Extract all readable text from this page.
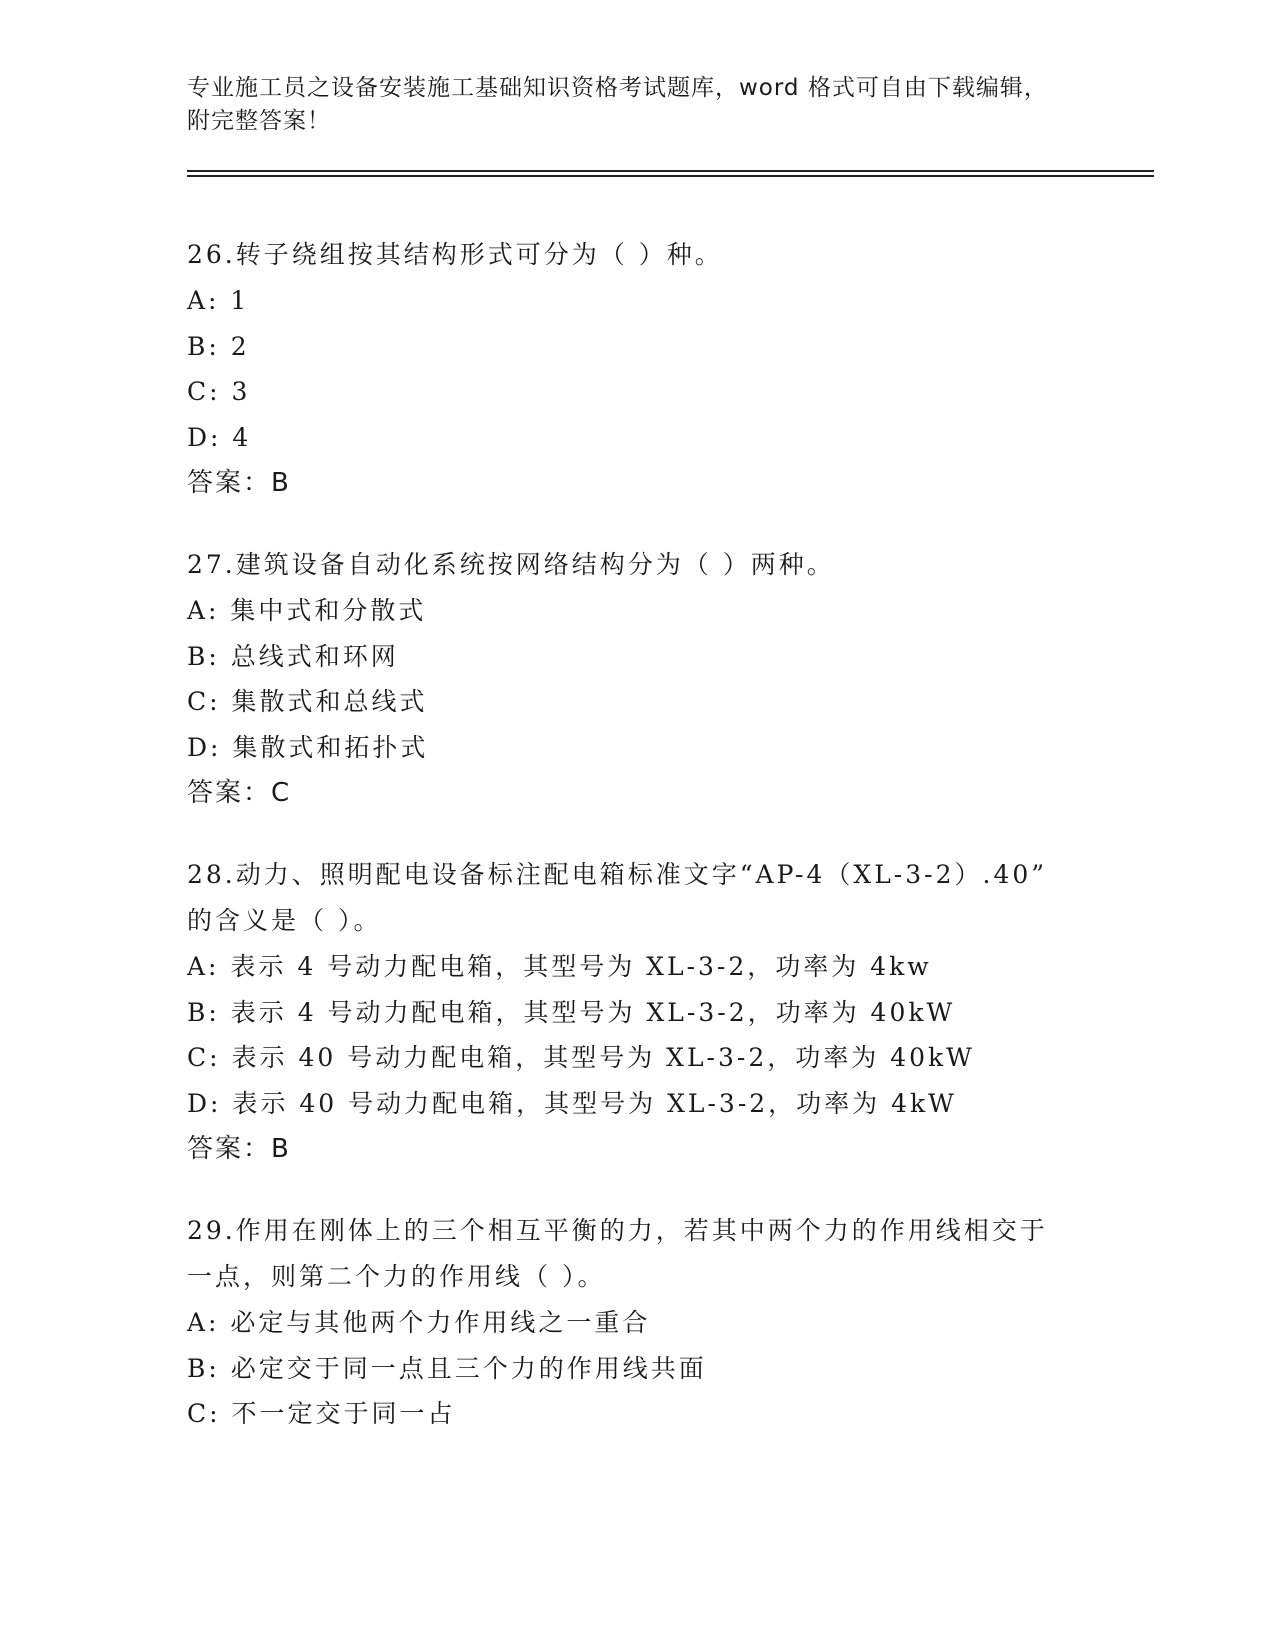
专业施工员之设备安装施工基础知识资格考试题库，word 格式可自由下载编辑，
附完整答案！
26.转子绕组按其结构形式可分为（ ）种。
A: 1
B: 2
C: 3
D: 4
答案：B
27.建筑设备自动化系统按网络结构分为（ ）两种。
A: 集中式和分散式
B: 总线式和环网
C: 集散式和总线式
D: 集散式和拓扑式
答案：C
28.动力、照明配电设备标注配电箱标准文字“AP-4（XL-3-2）.40”
的含义是（ ）。
A: 表示 4 号动力配电箱，其型号为 XL-3-2，功率为 4kw
B: 表示 4 号动力配电箱，其型号为 XL-3-2，功率为 40kW
C: 表示 40 号动力配电箱，其型号为 XL-3-2，功率为 40kW
D: 表示 40 号动力配电箱，其型号为 XL-3-2，功率为 4kW
答案：B
29.作用在刚体上的三个相互平衡的力，若其中两个力的作用线相交于
一点，则第二个力的作用线（ ）。
A: 必定与其他两个力作用线之一重合
B: 必定交于同一点且三个力的作用线共面
C: 不一定交于同一占
